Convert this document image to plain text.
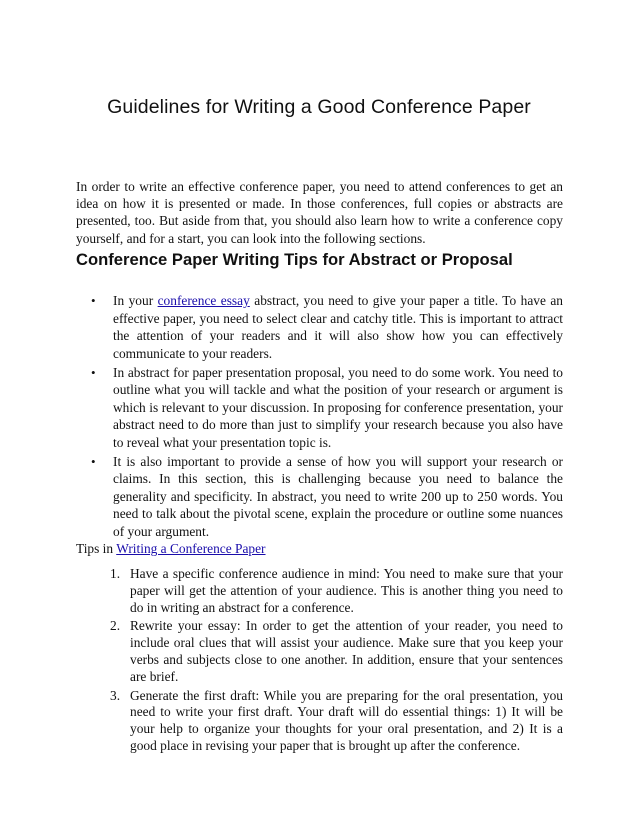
Guidelines for Writing a Good Conference Paper

In order to write an effective conference paper, you need to attend conferences to get an idea on how it is presented or made. In those conferences, full copies or abstracts are presented, too. But aside from that, you should also learn how to write a conference copy yourself, and for a start, you can look into the following sections.

Conference Paper Writing Tips for Abstract or Proposal
• In your conference essay abstract, you need to give your paper a title. To have an effective paper, you need to select clear and catchy title. This is important to attract the attention of your readers and it will also show how you can effectively communicate to your readers.
• In abstract for paper presentation proposal, you need to do some work. You need to outline what you will tackle and what the position of your research or argument is which is relevant to your discussion. In proposing for conference presentation, your abstract need to do more than just to simplify your research because you also have to reveal what your presentation topic is.
• It is also important to provide a sense of how you will support your research or claims. In this section, this is challenging because you need to balance the generality and specificity. In abstract, you need to write 200 up to 250 words. You need to talk about the pivotal scene, explain the procedure or outline some nuances of your argument.

Tips in Writing a Conference Paper

1. Have a specific conference audience in mind: You need to make sure that your paper will get the attention of your audience. This is another thing you need to do in writing an abstract for a conference.
2. Rewrite your essay: In order to get the attention of your reader, you need to include oral clues that will assist your audience. Make sure that you keep your verbs and subjects close to one another. In addition, ensure that your sentences are brief.
3. Generate the first draft: While you are preparing for the oral presentation, you need to write your first draft. Your draft will do essential things: 1) It will be your help to organize your thoughts for your oral presentation, and 2) It is a good place in revising your paper that is brought up after the conference.
